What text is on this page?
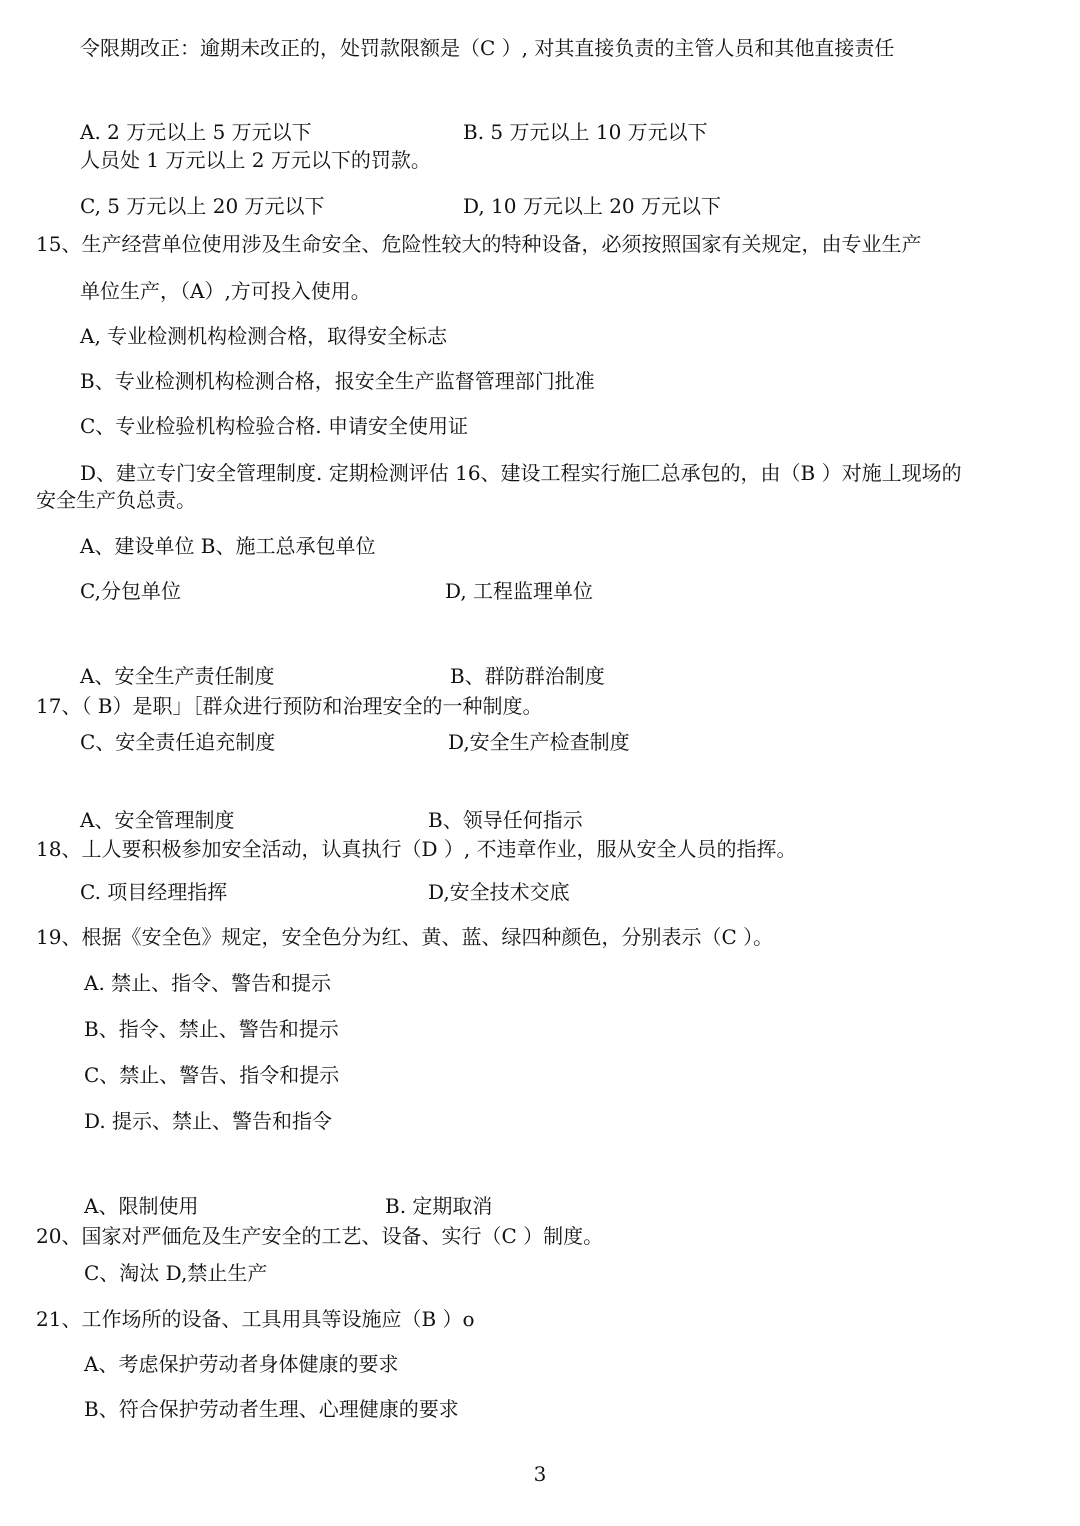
令限期改正：逾期未改正的，处罚款限额是（C ）, 对其直接负责的主管人员和其他直接责任
A. 2 万元以上 5 万元以下	B. 5 万元以上 10 万元以下
人员处 1 万元以上 2 万元以下的罚款。
C, 5 万元以上 20 万元以下	D, 10 万元以上 20 万元以下
15、生产经营单位使用涉及生命安全、危险性较大的特种设备，必须按照国家有关规定，由专业生产
单位生产，（A）,方可投入使用。
A, 专业检测机构检测合格，取得安全标志
B、专业检测机构检测合格，报安全生产监督管理部门批准
C、专业检验机构检验合格. 申请安全使用证
D、建立专门安全管理制度. 定期检测评估 16、建设工程实行施匚总承包的，由（B ）对施丄现场的
安全生产负总责。
A、建设单位 B、施工总承包单位
C,分包单位	D, 工程监理单位
A、安全生产责任制度	B、群防群治制度
17、（ B）是职」［群众进行预防和治理安全的一种制度。
C、安全责任追充制度	D,安全生产检查制度
A、安全管理制度	B、领导任何指示
18、丄人要积极参加安全活动，认真执行（D ）, 不违章作业，服从安全人员的指挥。
C. 项目经理指挥	D,安全技术交底
19、根据《安全色》规定，安全色分为红、黄、蓝、绿四种颜色，分别表示（C ）。
A. 禁止、指令、警告和提示
B、指令、禁止、警告和提示
C、禁止、警告、指令和提示
D. 提示、禁止、警告和指令
A、限制使用	B. 定期取消
20、国家对严価危及生产安全的工艺、设备、实行（C ）制度。
C、淘汰 D,禁止生产
21、工作场所的设备、工具用具等设施应（B ）o
A、考虑保护劳动者身体健康的要求
B、符合保护劳动者生理、心理健康的要求
3
